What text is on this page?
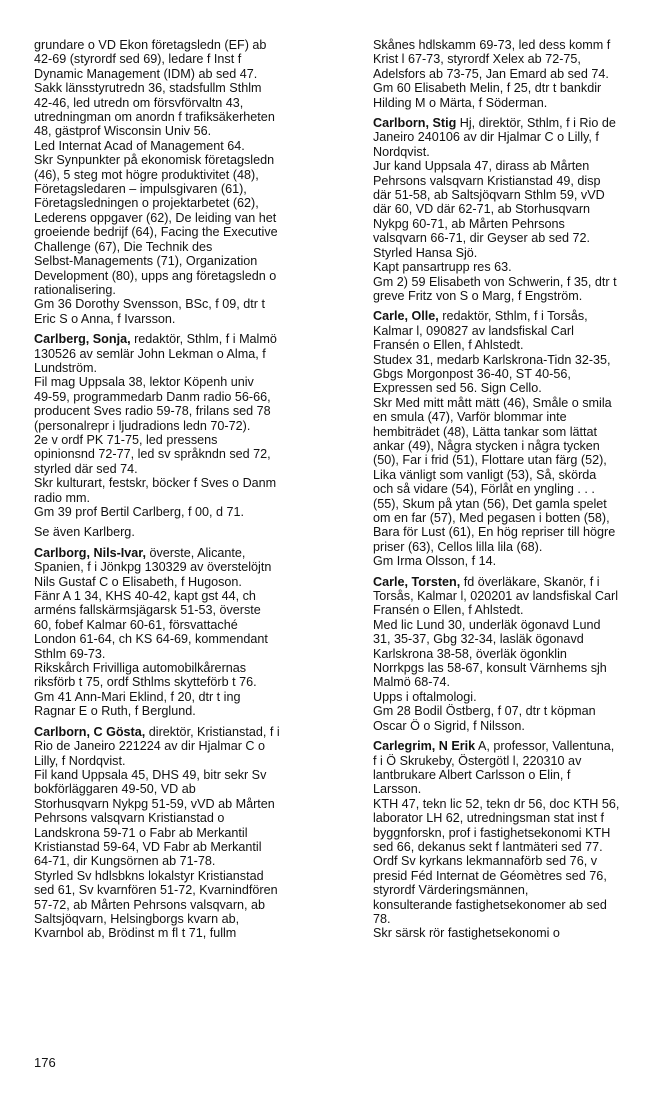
grundare o VD Ekon företagsledn (EF) ab
42-69 (styrordf sed 69), ledare f Inst f
Dynamic Management (IDM) ab sed 47.
Sakk länsstyrutredn 36, stadsfullm Sthlm
42-46, led utredn om försvförvaltn 43,
utredningman om anordn f trafiksäkerheten
48, gästprof Wisconsin Univ 56.
Led Internat Acad of Management 64.
Skr Synpunkter på ekonomisk företagsledn
(46), 5 steg mot högre produktivitet (48),
Företagsledaren – impulsgivaren (61),
Företagsledningen o projektarbetet (62),
Lederens oppgaver (62), De leiding van het
groeiende bedrijf (64), Facing the Executive
Challenge (67), Die Technik des
Selbst-Managements (71), Organization
Development (80), upps ang företagsledn o
rationalisering.
Gm 36 Dorothy Svensson, BSc, f 09, dtr t
Eric S o Anna, f Ivarsson.
Carlberg, Sonja, redaktör, Sthlm, f i Malmö
130526 av semlär John Lekman o Alma, f
Lundström.
Fil mag Uppsala 38, lektor Köpenh univ
49-59, programmedarb Danm radio 56-66,
producent Sves radio 59-78, frilans sed 78
(personalrepr i ljudradions ledn 70-72).
2e v ordf PK 71-75, led pressens
opinionsnd 72-77, led sv språkndn sed 72,
styrled där sed 74.
Skr kulturart, festskr, böcker f Sves o Danm
radio mm.
Gm 39 prof Bertil Carlberg, f 00, d 71.
Se även Karlberg.
Carlborg, Nils-Ivar, överste, Alicante,
Spanien, f i Jönkpg 130329 av överstelöjtn
Nils Gustaf C o Elisabeth, f Hugoson.
Fänr A 1 34, KHS 40-42, kapt gst 44, ch
arméns fallskärmsjägarsk 51-53, överste
60, fobef Kalmar 60-61, försvattaché
London 61-64, ch KS 64-69, kommendant
Sthlm 69-73.
Rikskårch Frivilliga automobilkårernas
riksförb t 75, ordf Sthlms skytteförb t 76.
Gm 41 Ann-Mari Eklind, f 20, dtr t ing
Ragnar E o Ruth, f Berglund.
Carlborn, C Gösta, direktör, Kristianstad, f i
Rio de Janeiro 221224 av dir Hjalmar C o
Lilly, f Nordqvist.
Fil kand Uppsala 45, DHS 49, bitr sekr Sv
bokförläggaren 49-50, VD ab
Storhusqvarn Nykpg 51-59, vVD ab Mårten
Pehrsons valsqvarn Kristianstad o
Landskrona 59-71 o Fabr ab Merkantil
Kristianstad 59-64, VD Fabr ab Merkantil
64-71, dir Kungsörnen ab 71-78.
Styrled Sv hdlsbkns lokalstyr Kristianstad
sed 61, Sv kvarnfören 51-72, Kvarnindfören
57-72, ab Mårten Pehrsons valsqvarn, ab
Saltsjöqvarn, Helsingborgs kvarn ab,
Kvarnbol ab, Brödinst m fl t 71, fullm
Skånes hdlskamm 69-73, led dess komm f
Krist l 67-73, styrordf Xelex ab 72-75,
Adelsfors ab 73-75, Jan Emard ab sed 74.
Gm 60 Elisabeth Melin, f 25, dtr t bankdir
Hilding M o Märta, f Söderman.
Carlborn, Stig Hj, direktör, Sthlm, f i Rio de
Janeiro 240106 av dir Hjalmar C o Lilly, f
Nordqvist.
Jur kand Uppsala 47, dirass ab Mårten
Pehrsons valsqvarn Kristianstad 49, disp
där 51-58, ab Saltsjöqvarn Sthlm 59, vVD
där 60, VD där 62-71, ab Storhusqvarn
Nykpg 60-71, ab Mårten Pehrsons
valsqvarn 66-71, dir Geyser ab sed 72.
Styrled Hansa Sjö.
Kapt pansartrupp res 63.
Gm 2) 59 Elisabeth von Schwerin, f 35, dtr t
greve Fritz von S o Marg, f Engström.
Carle, Olle, redaktör, Sthlm, f i Torsås,
Kalmar l, 090827 av landsfiskal Carl
Fransén o Ellen, f Ahlstedt.
Studex 31, medarb Karlskrona-Tidn 32-35,
Gbgs Morgonpost 36-40, ST 40-56,
Expressen sed 56. Sign Cello.
Skr Med mitt mått mätt (46), Småle o smila
en smula (47), Varför blommar inte
hembiträdet (48), Lätta tankar som lättat
ankar (49), Några stycken i några tycken
(50), Far i frid (51), Flottare utan färg (52),
Lika vänligt som vanligt (53), Så, skörda
och så vidare (54), Förlåt en yngling . . .
(55), Skum på ytan (56), Det gamla spelet
om en far (57), Med pegasen i botten (58),
Bara för Lust (61), En hög repriser till högre
priser (63), Cellos lilla lila (68).
Gm Irma Olsson, f 14.
Carle, Torsten, fd överläkare, Skanör, f i
Torsås, Kalmar l, 020201 av landsfiskal Carl
Fransén o Ellen, f Ahlstedt.
Med lic Lund 30, underläk ögonavd Lund
31, 35-37, Gbg 32-34, lasläk ögonavd
Karlskrona 38-58, överläk ögonklin
Norrkpgs las 58-67, konsult Värnhems sjh
Malmö 68-74.
Upps i oftalmologi.
Gm 28 Bodil Östberg, f 07, dtr t köpman
Oscar Ö o Sigrid, f Nilsson.
Carlegrim, N Erik A, professor, Vallentuna,
f i Ö Skrukeby, Östergötl l, 220310 av
lantbrukare Albert Carlsson o Elin, f
Larsson.
KTH 47, tekn lic 52, tekn dr 56, doc KTH 56,
laborator LH 62, utredningsman stat inst f
byggnforskn, prof i fastighetsekonomi KTH
sed 66, dekanus sekt f lantmäteri sed 77.
Ordf Sv kyrkans lekmannaförb sed 76, v
presid Féd Internat de Géomètres sed 76,
styrordf Värderingsmännen,
konsulterande fastighetsekonomer ab sed
78.
Skr särsk rör fastighetsekonomi o
176
